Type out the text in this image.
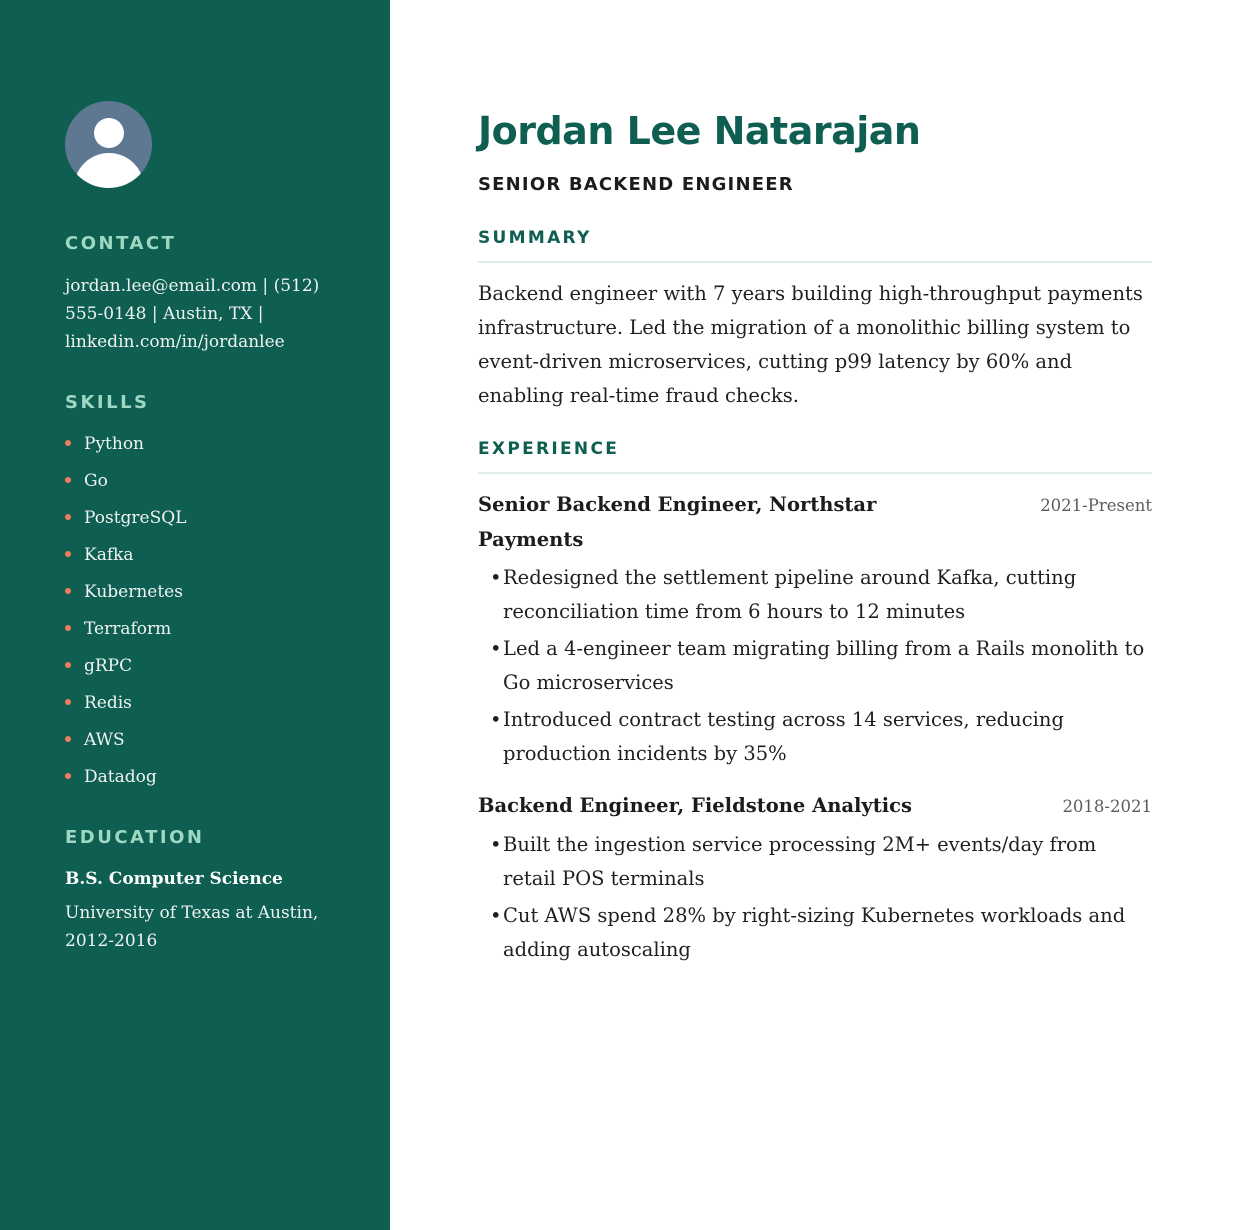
CONTACT
jordan.lee@email.com | (512) 555-0148 | Austin, TX | linkedin.com/in/jordanlee
SKILLS
Python
Go
PostgreSQL
Kafka
Kubernetes
Terraform
gRPC
Redis
AWS
Datadog
EDUCATION
B.S. Computer Science
University of Texas at Austin, 2012-2016
Jordan Lee Natarajan
SENIOR BACKEND ENGINEER
SUMMARY

Backend engineer with 7 years building high-throughput payments infrastructure. Led the migration of a monolithic billing system to event-driven microservices, cutting p99 latency by 60% and enabling real-time fraud checks.

EXPERIENCE
Senior Backend Engineer, Northstar Payments
2021-Present
• Redesigned the settlement pipeline around Kafka, cutting reconciliation time from 6 hours to 12 minutes
• Led a 4-engineer team migrating billing from a Rails monolith to Go microservices
• Introduced contract testing across 14 services, reducing production incidents by 35%
Backend Engineer, Fieldstone Analytics	2018-2021
• Built the ingestion service processing 2M+ events/day from retail POS terminals
• Cut AWS spend 28% by right-sizing Kubernetes workloads and adding autoscaling
